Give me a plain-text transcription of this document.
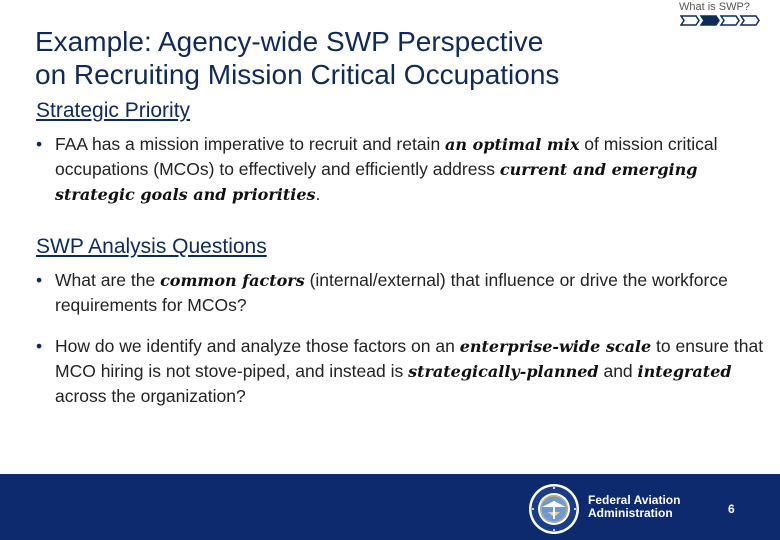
What is SWP?
Example: Agency-wide SWP Perspective
on Recruiting Mission Critical Occupations
Strategic Priority
• FAA has a mission imperative to recruit and retain an optimal mix of mission critical occupations (MCOs) to effectively and efficiently address current and emerging strategic goals and priorities.
SWP Analysis Questions
• What are the common factors (internal/external) that influence or drive the workforce requirements for MCOs?
• How do we identify and analyze those factors on an enterprise-wide scale to ensure that MCO hiring is not stove-piped, and instead is strategically-planned and integrated across the organization?
Federal Aviation
Administration	6
